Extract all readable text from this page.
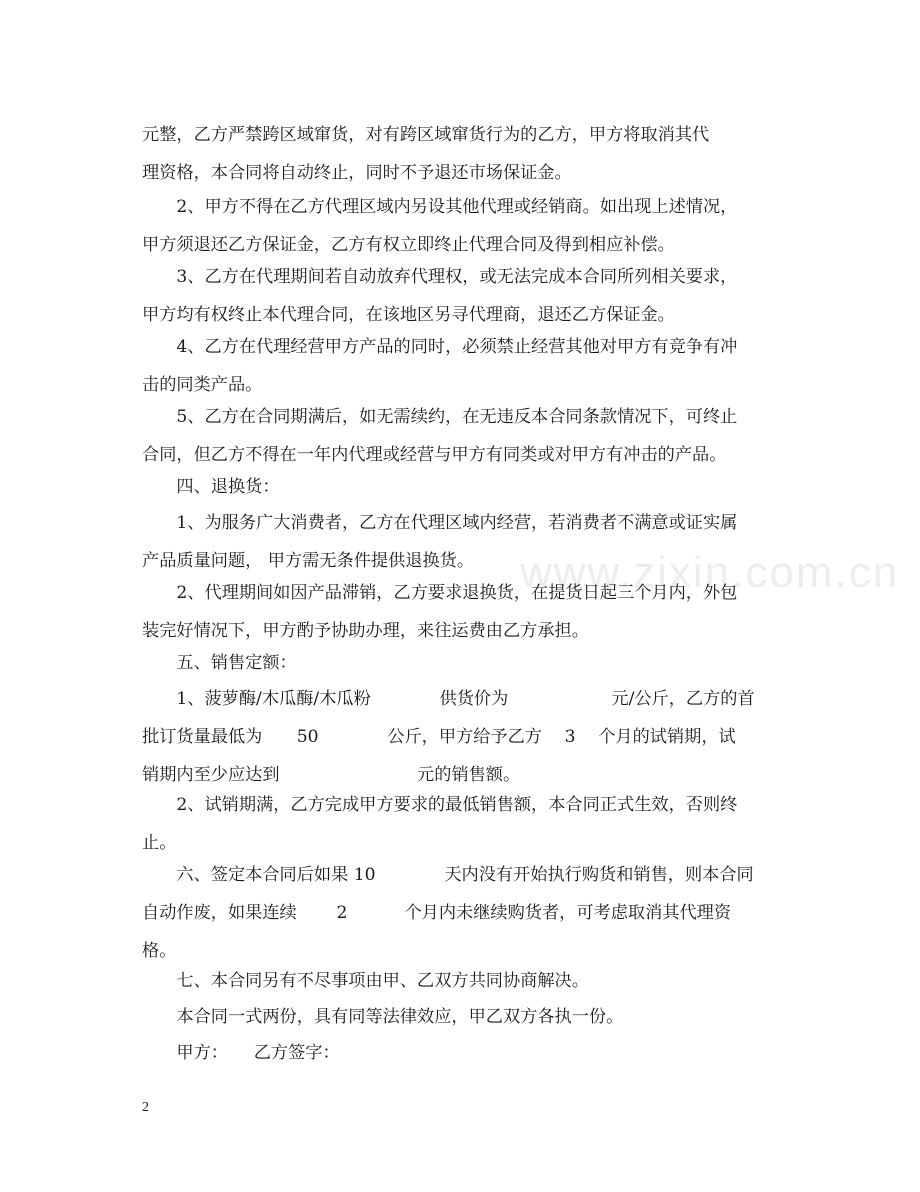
www.zixin.com.cn
元整，乙方严禁跨区域窜货，对有跨区域窜货行为的乙方，甲方将取消其代
理资格，本合同将自动终止，同时不予退还市场保证金。
　　2、甲方不得在乙方代理区域内另设其他代理或经销商。如出现上述情况，
甲方须退还乙方保证金，乙方有权立即终止代理合同及得到相应补偿。
　　3、乙方在代理期间若自动放弃代理权，或无法完成本合同所列相关要求，
甲方均有权终止本代理合同，在该地区另寻代理商，退还乙方保证金。
　　4、乙方在代理经营甲方产品的同时，必须禁止经营其他对甲方有竞争有冲
击的同类产品。
　　5、乙方在合同期满后，如无需续约，在无违反本合同条款情况下，可终止
合同，但乙方不得在一年内代理或经营与甲方有同类或对甲方有冲击的产品。
　　四、退换货：
　　1、为服务广大消费者，乙方在代理区域内经营，若消费者不满意或证实属
产品质量问题， 甲方需无条件提供退换货。
　　2、代理期间如因产品滞销，乙方要求退换货，在提货日起三个月内，外包
装完好情况下，甲方酌予协助办理，来往运费由乙方承担。
　　五、销售定额：
　　1、菠萝酶/木瓜酶/木瓜粉　　　　供货价为　　　　　　元/公斤，乙方的首
批订货量最低为　　50　　　　公斤，甲方给予乙方　 3　 个月的试销期，试
销期内至少应达到　　　　　　　　元的销售额。
　　2、试销期满，乙方完成甲方要求的最低销售额，本合同正式生效，否则终
止。
　　六、签定本合同后如果 10　　　　天内没有开始执行购货和销售，则本合同
自动作废，如果连续　　 2　　　 个月内未继续购货者，可考虑取消其代理资
格。
　　七、本合同另有不尽事项由甲、乙双方共同协商解决。
　　本合同一式两份，具有同等法律效应，甲乙双方各执一份。
　　甲方：　　乙方签字：
2
